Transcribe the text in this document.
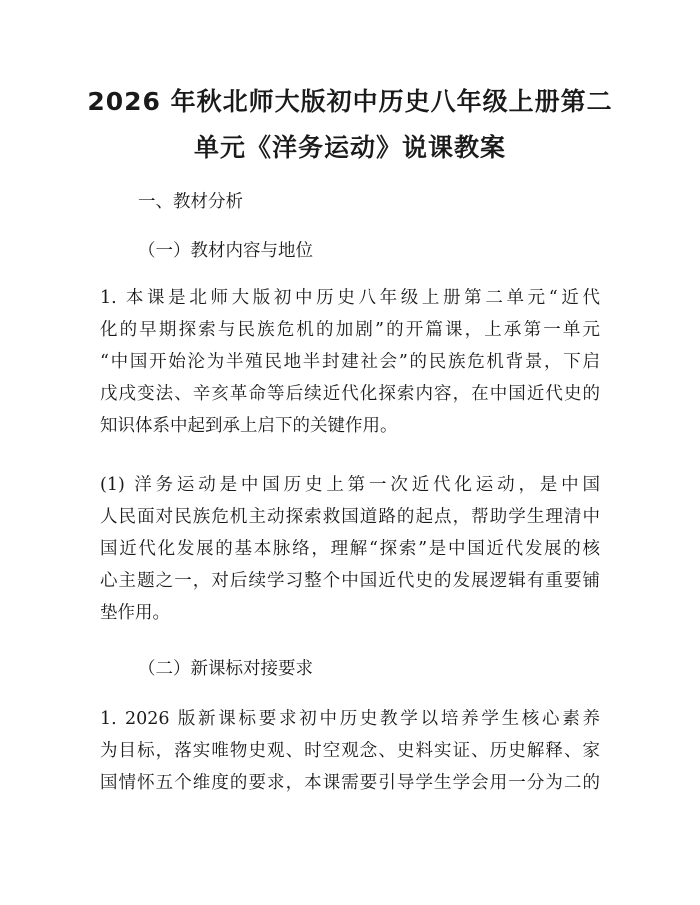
2026 年秋北师大版初中历史八年级上册第二
单元《洋务运动》说课教案

一、教材分析

（一）教材内容与地位

1. 本课是北师大版初中历史八年级上册第二单元“近代

化的早期探索与民族危机的加剧”的开篇课，上承第一单元

“中国开始沦为半殖民地半封建社会”的民族危机背景，下启

戊戌变法、辛亥革命等后续近代化探索内容，在中国近代史的

知识体系中起到承上启下的关键作用。

(1) 洋务运动是中国历史上第一次近代化运动，是中国

人民面对民族危机主动探索救国道路的起点，帮助学生理清中

国近代化发展的基本脉络，理解“探索”是中国近代发展的核

心主题之一，对后续学习整个中国近代史的发展逻辑有重要铺

垫作用。

（二）新课标对接要求

1. 2026 版新课标要求初中历史教学以培养学生核心素养

为目标，落实唯物史观、时空观念、史料实证、历史解释、家

国情怀五个维度的要求，本课需要引导学生学会用一分为二的
